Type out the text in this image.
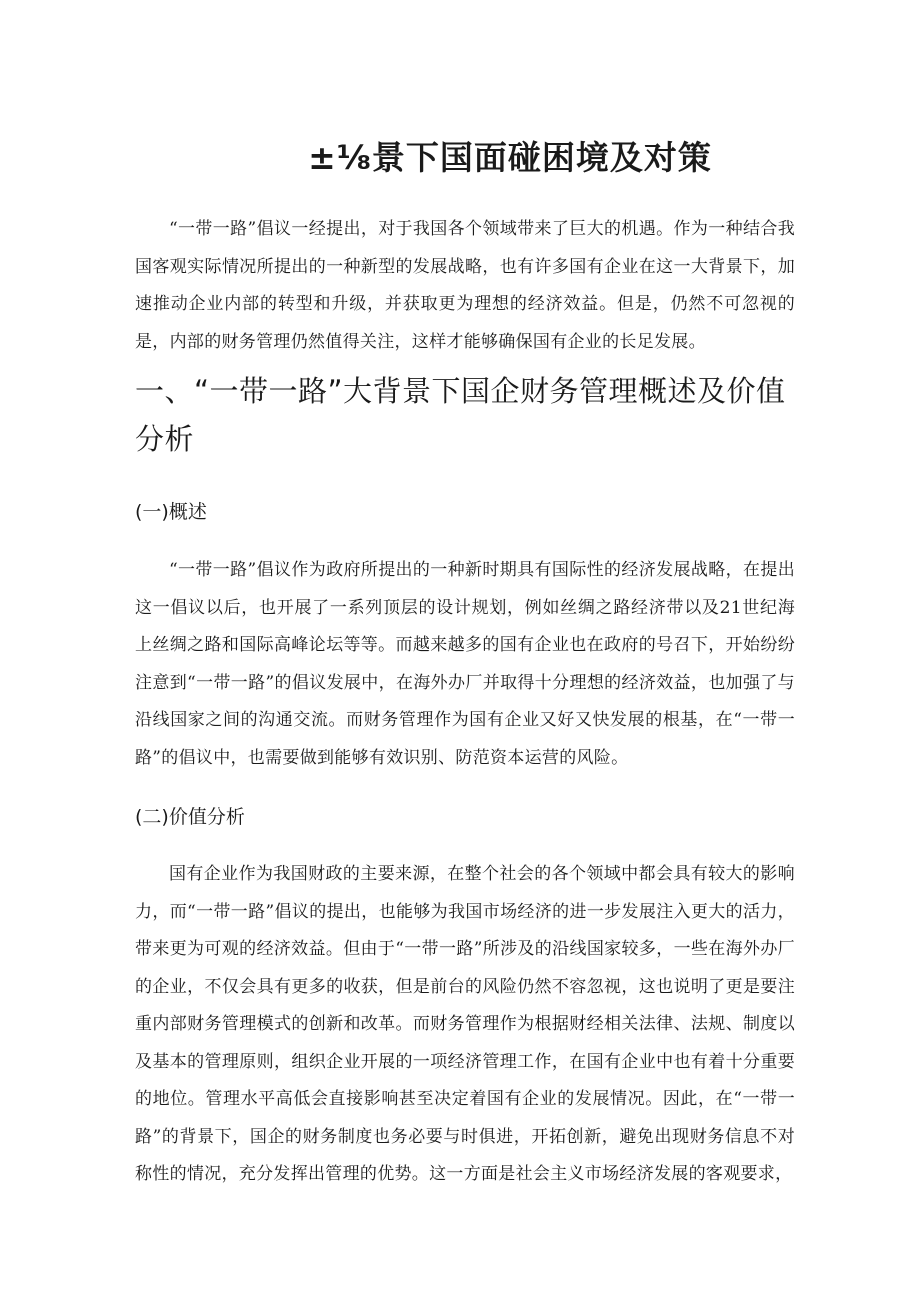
±⅛景下国面碰困境及对策

“一带一路”倡议一经提出，对于我国各个领域带来了巨大的机遇。作为一种结合我国客观实际情况所提出的一种新型的发展战略，也有许多国有企业在这一大背景下，加速推动企业内部的转型和升级，并获取更为理想的经济效益。但是，仍然不可忽视的是，内部的财务管理仍然值得关注，这样才能够确保国有企业的长足发展。

一、“一带一路”大背景下国企财务管理概述及价值分析
(一)概述

“一带一路”倡议作为政府所提出的一种新时期具有国际性的经济发展战略，在提出这一倡议以后，也开展了一系列顶层的设计规划，例如丝绸之路经济带以及21世纪海上丝绸之路和国际高峰论坛等等。而越来越多的国有企业也在政府的号召下，开始纷纷注意到“一带一路”的倡议发展中，在海外办厂并取得十分理想的经济效益，也加强了与沿线国家之间的沟通交流。而财务管理作为国有企业又好又快发展的根基，在“一带一路”的倡议中，也需要做到能够有效识别、防范资本运营的风险。

(二)价值分析

国有企业作为我国财政的主要来源，在整个社会的各个领域中都会具有较大的影响力，而“一带一路”倡议的提出，也能够为我国市场经济的进一步发展注入更大的活力，带来更为可观的经济效益。但由于“一带一路”所涉及的沿线国家较多，一些在海外办厂的企业，不仅会具有更多的收获，但是前台的风险仍然不容忽视，这也说明了更是要注重内部财务管理模式的创新和改革。而财务管理作为根据财经相关法律、法规、制度以及基本的管理原则，组织企业开展的一项经济管理工作，在国有企业中也有着十分重要的地位。管理水平高低会直接影响甚至决定着国有企业的发展情况。因此，在“一带一路”的背景下，国企的财务制度也务必要与时俱进，开拓创新，避免出现财务信息不对称性的情况，充分发挥出管理的优势。这一方面是社会主义市场经济发展的客观要求，
